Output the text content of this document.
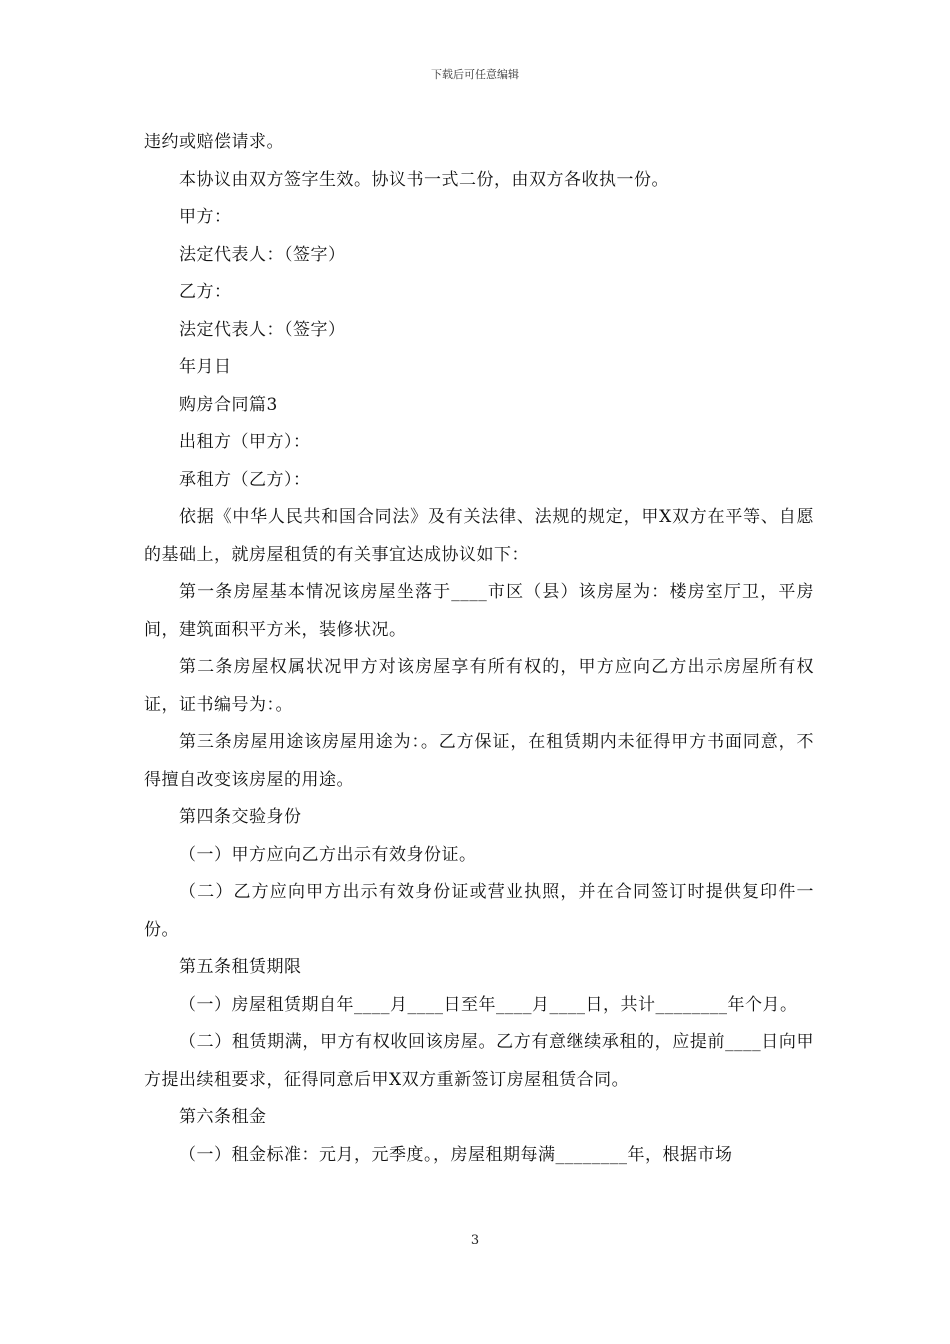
下载后可任意编辑

违约或赔偿请求。

本协议由双方签字生效。协议书一式二份，由双方各收执一份。

甲方：

法定代表人：（签字）

乙方：

法定代表人：（签字）

年月日

购房合同篇3

出租方（甲方）：

承租方（乙方）：

依据《中华人民共和国合同法》及有关法律、法规的规定，甲X双方在平等、自愿的基础上，就房屋租赁的有关事宜达成协议如下：

第一条房屋基本情况该房屋坐落于____市区（县）该房屋为：楼房室厅卫，平房间，建筑面积平方米，装修状况。

第二条房屋权属状况甲方对该房屋享有所有权的，甲方应向乙方出示房屋所有权证，证书编号为：。

第三条房屋用途该房屋用途为：。乙方保证，在租赁期内未征得甲方书面同意，不得擅自改变该房屋的用途。

第四条交验身份

（一）甲方应向乙方出示有效身份证。

（二）乙方应向甲方出示有效身份证或营业执照，并在合同签订时提供复印件一份。

第五条租赁期限

（一）房屋租赁期自年____月____日至年____月____日，共计________年个月。

（二）租赁期满，甲方有权收回该房屋。乙方有意继续承租的，应提前____日向甲方提出续租要求，征得同意后甲X双方重新签订房屋租赁合同。

第六条租金

（一）租金标准：元月，元季度。，房屋租期每满________年，根据市场

3
